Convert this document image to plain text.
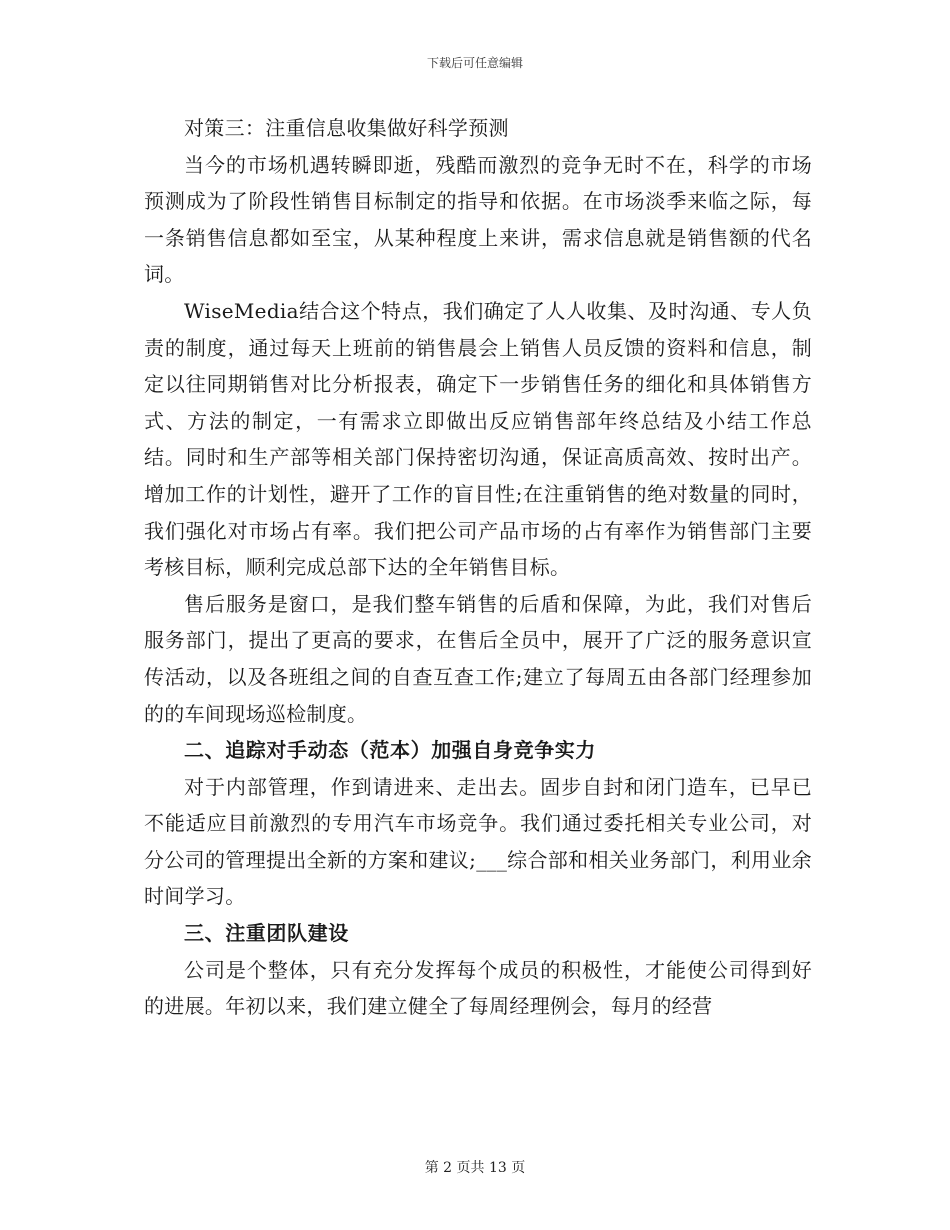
下载后可任意编辑

对策三：注重信息收集做好科学预测

当今的市场机遇转瞬即逝，残酷而激烈的竞争无时不在，科学的市场预测成为了阶段性销售目标制定的指导和依据。在市场淡季来临之际，每一条销售信息都如至宝，从某种程度上来讲，需求信息就是销售额的代名词。

WiseMedia结合这个特点，我们确定了人人收集、及时沟通、专人负责的制度，通过每天上班前的销售晨会上销售人员反馈的资料和信息，制定以往同期销售对比分析报表，确定下一步销售任务的细化和具体销售方式、方法的制定，一有需求立即做出反应销售部年终总结及小结工作总结。同时和生产部等相关部门保持密切沟通，保证高质高效、按时出产。增加工作的计划性，避开了工作的盲目性;在注重销售的绝对数量的同时，我们强化对市场占有率。我们把公司产品市场的占有率作为销售部门主要考核目标，顺利完成总部下达的全年销售目标。

售后服务是窗口，是我们整车销售的后盾和保障，为此，我们对售后服务部门，提出了更高的要求，在售后全员中，展开了广泛的服务意识宣传活动，以及各班组之间的自查互查工作;建立了每周五由各部门经理参加的的车间现场巡检制度。

二、追踪对手动态（范本）加强自身竞争实力

对于内部管理，作到请进来、走出去。固步自封和闭门造车，已早已不能适应目前激烈的专用汽车市场竞争。我们通过委托相关专业公司，对分公司的管理提出全新的方案和建议;___综合部和相关业务部门，利用业余时间学习。

三、注重团队建设

公司是个整体，只有充分发挥每个成员的积极性，才能使公司得到好的进展。年初以来，我们建立健全了每周经理例会，每月的经营

第 2 页共 13 页
